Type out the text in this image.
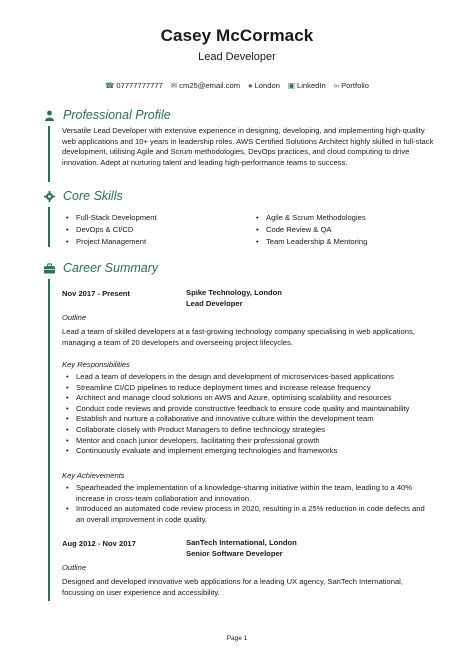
Casey McCormack
Lead Developer
☎ 07777777777 ✉ cm25@email.com ● London ▣ LinkedIn ∞ Portfolio
Professional Profile
Versatile Lead Developer with extensive experience in designing, developing, and implementing high-quality web applications and 10+ years in leadership roles. AWS Certified Solutions Architect highly skilled in full-stack development, utilising Agile and Scrum methodologies, DevOps practices, and cloud computing to drive innovation. Adept at nurturing talent and leading high-performance teams to success.
Core Skills
• Full-Stack Development	• Agile & Scrum Methodologies
• DevOps & CI/CD	• Code Review & QA
• Project Management	• Team Leadership & Mentoring
Career Summary
Nov 2017 - Present	Spike Technology, London
Lead Developer
Outline
Lead a team of skilled developers at a fast-growing technology company specialising in web applications, managing a team of 20 developers and overseeing project lifecycles.
Key Responsibilities
• Lead a team of developers in the design and development of microservices-based applications
• Streamline CI/CD pipelines to reduce deployment times and increase release frequency
• Architect and manage cloud solutions on AWS and Azure, optimising scalability and resources
• Conduct code reviews and provide constructive feedback to ensure code quality and maintainability
• Establish and nurture a collaborative and innovative culture within the development team
• Collaborate closely with Product Managers to define technology strategies
• Mentor and coach junior developers, facilitating their professional growth
• Continuously evaluate and implement emerging technologies and frameworks
Key Achievements
• Spearheaded the implementation of a knowledge-sharing initiative within the team, leading to a 40% increase in cross-team collaboration and innovation.
• Introduced an automated code review process in 2020, resulting in a 25% reduction in code defects and an overall improvement in code quality.
Aug 2012 - Nov 2017	SanTech International, London
Senior Software Developer
Outline
Designed and developed innovative web applications for a leading UX agency, SanTech International, focussing on user experience and accessibility.
Page 1
